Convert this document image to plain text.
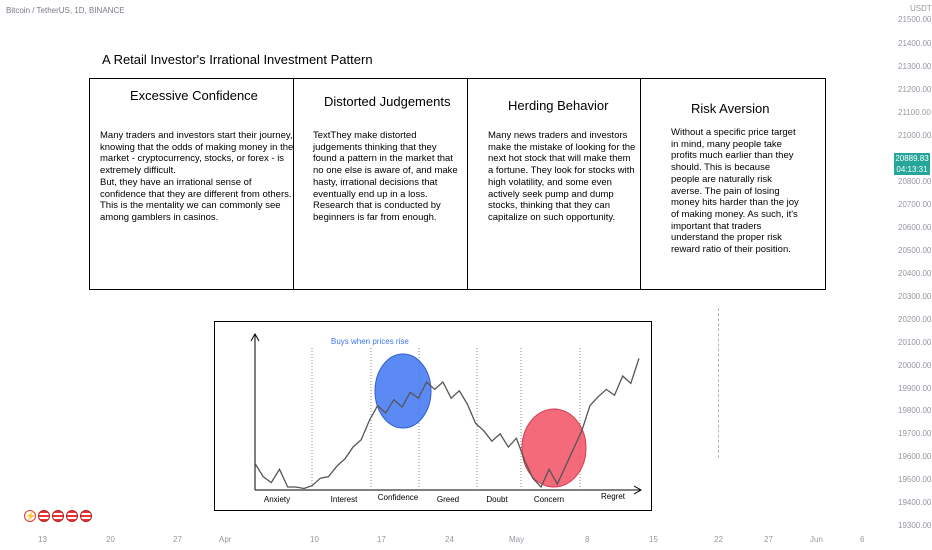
Bitcoin / TetherUS, 1D, BINANCE
A Retail Investor's Irrational Investment Pattern
Excessive Confidence
Many traders and investors start their journey, knowing that the odds of making money in the market - cryptocurrency, stocks, or forex - is extremely difficult.
But, they have an irrational sense of confidence that they are different from others.
This is the mentality we can commonly see among gamblers in casinos.
Distorted Judgements
TextThey make distorted judgements thinking that they found a pattern in the market that no one else is aware of, and make hasty, irrational decisions that eventually end up in a loss.
Research that is conducted by beginners is far from enough.
Herding Behavior
Many news traders and investors make the mistake of looking for the next hot stock that will make them a fortune. They look for stocks with high volatility, and some even actively seek pump and dump stocks, thinking that they can capitalize on such opportunity.
Risk Aversion
Without a specific price target in mind, many people take profits much earlier than they should. This is because people are naturally risk averse. The pain of losing money hits harder than the joy of making money. As such, it's important that traders understand the proper risk reward ratio of their position.
Buys when prices rise
Anxiety	Interest	Confidence Greed	Doubt	Concern	Regret
USDT
21500.00
21400.00
21300.00
21200.00
21100.00
21000.00
20800.00
20700.00
20600.00
20500.00
20400.00
20300.00
20200.00
20100.00
20000.00
19900.00
19800.00
19700.00
19600.00
19500.00
19400.00
19300.00
20889.83
04:13:31
13	20	27	Apr	10	17	24	May	8	15	22	27	Jun	6
⚡
